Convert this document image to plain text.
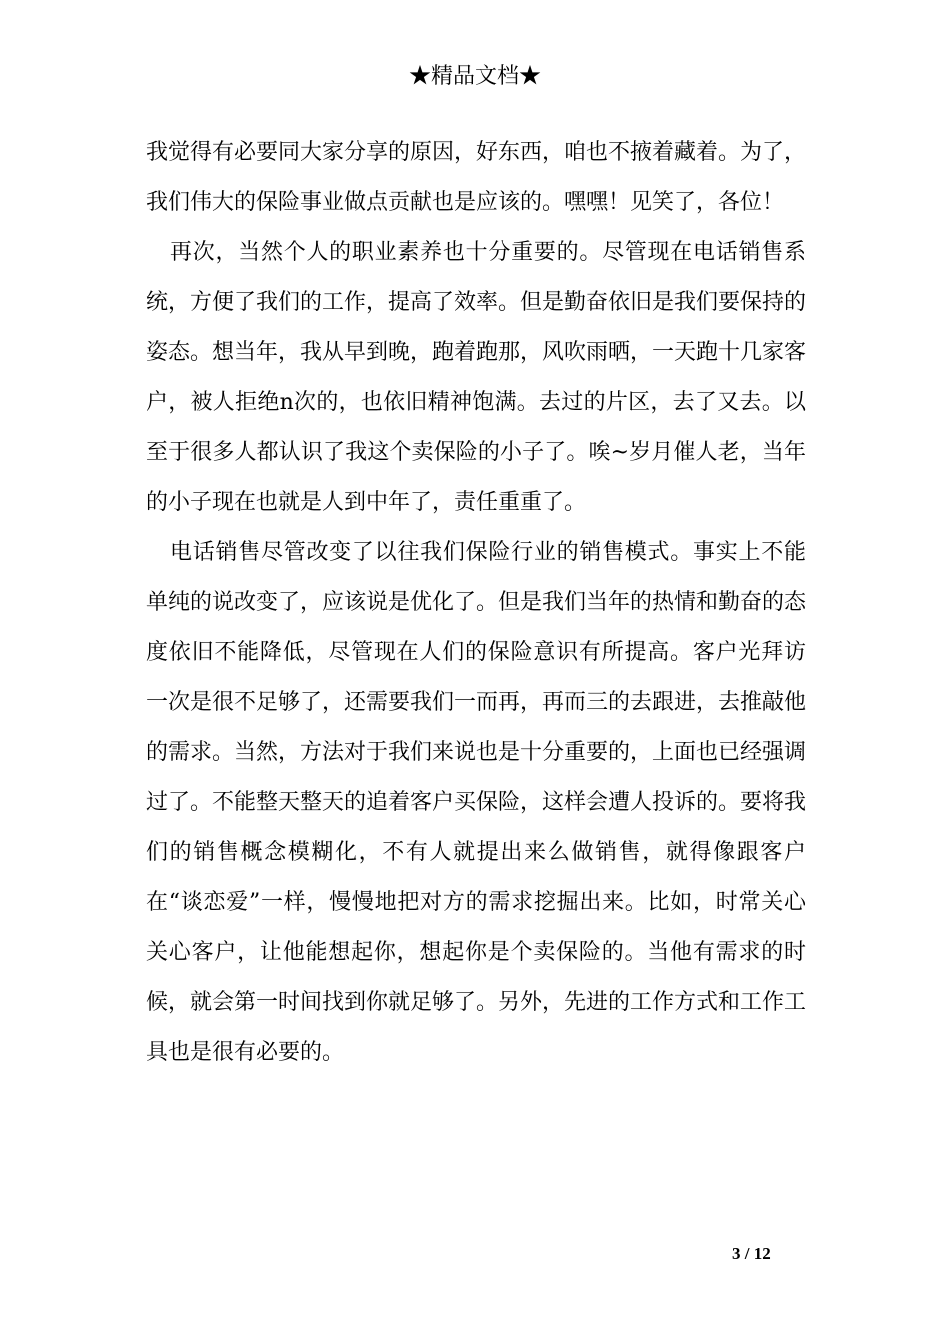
★精品文档★

我觉得有必要同大家分享的原因，好东西，咱也不掖着藏着。为了，我们伟大的保险事业做点贡献也是应该的。嘿嘿！见笑了，各位！

再次，当然个人的职业素养也十分重要的。尽管现在电话销售系统，方便了我们的工作，提高了效率。但是勤奋依旧是我们要保持的姿态。想当年，我从早到晚，跑着跑那，风吹雨晒，一天跑十几家客户，被人拒绝n次的，也依旧精神饱满。去过的片区，去了又去。以至于很多人都认识了我这个卖保险的小子了。唉~岁月催人老，当年的小子现在也就是人到中年了，责任重重了。

电话销售尽管改变了以往我们保险行业的销售模式。事实上不能单纯的说改变了，应该说是优化了。但是我们当年的热情和勤奋的态度依旧不能降低，尽管现在人们的保险意识有所提高。客户光拜访 一次是很不足够了，还需要我们一而再，再而三的去跟进，去推敲他的需求。当然，方法对于我们来说也是十分重要的，上面也已经强调过了。不能整天整天的追着客户买保险，这样会遭人投诉的。要将我们的销售概念模糊化，不有人就提出来么做销售，就得像跟客户在“谈恋爱”一样，慢慢地把对方的需求挖掘出来。比如，时常关心关心客户，让他能想起你，想起你是个卖保险的。当他有需求的时候，就会第一时间找到你就足够了。另外，先进的工作方式和工作工具也是很有必要的。

3 / 12
